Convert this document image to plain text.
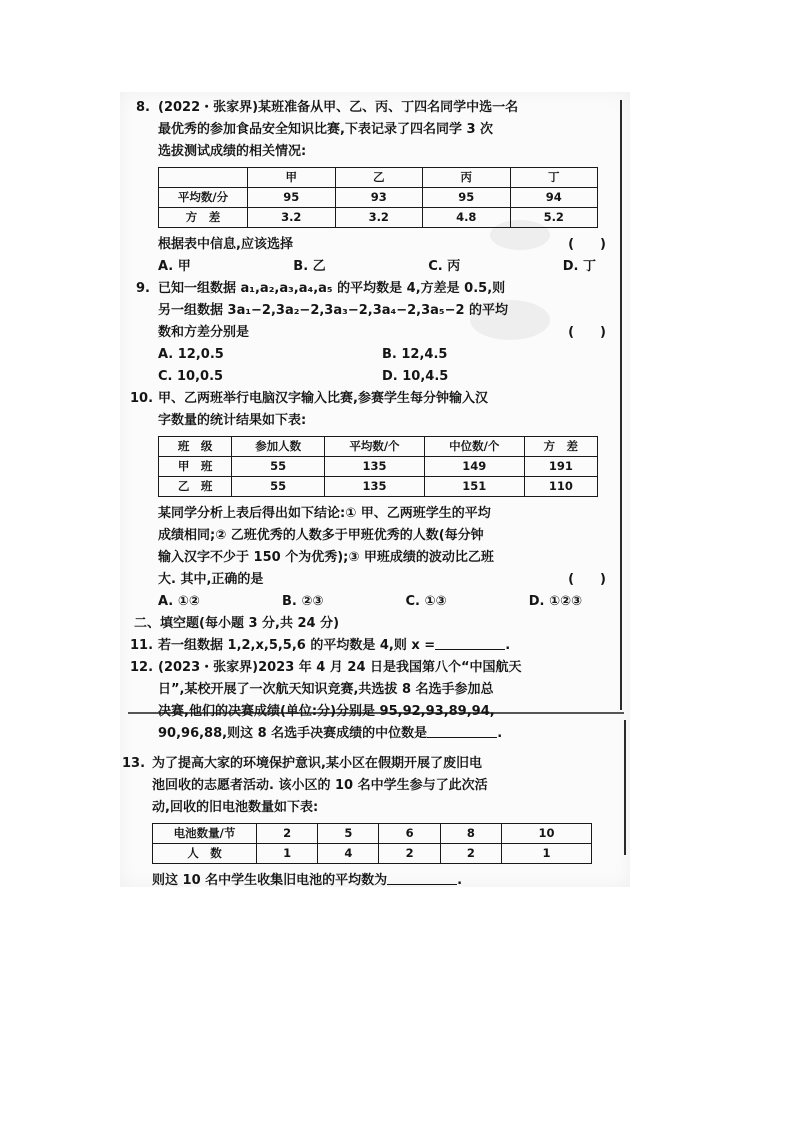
8. (2022・张家界)某班准备从甲、乙、丙、丁四名同学中选一名
最优秀的参加食品安全知识比赛,下表记录了四名同学 3 次
选拔测试成绩的相关情况:
	甲	乙	丙	丁
平均数/分	95	93	95	94
方　差	3.2	3.2	4.8	5.2
根据表中信息,应该选择	(　　)
A. 甲	B. 乙	C. 丙	D. 丁
9. 已知一组数据 a₁,a₂,a₃,a₄,a₅ 的平均数是 4,方差是 0.5,则
另一组数据 3a₁−2,3a₂−2,3a₃−2,3a₄−2,3a₅−2 的平均
数和方差分别是	(　　)
A. 12,0.5	B. 12,4.5
C. 10,0.5	D. 10,4.5
10. 甲、乙两班举行电脑汉字输入比赛,参赛学生每分钟输入汉
字数量的统计结果如下表:
班　级	参加人数	平均数/个	中位数/个	方　差
甲　班	55	135	149	191
乙　班	55	135	151	110
某同学分析上表后得出如下结论:① 甲、乙两班学生的平均
成绩相同;② 乙班优秀的人数多于甲班优秀的人数(每分钟
输入汉字不少于 150 个为优秀);③ 甲班成绩的波动比乙班
大. 其中,正确的是	(　　)
A. ①②	B. ②③	C. ①③	D. ①②③
二、填空题(每小题 3 分,共 24 分)
11. 若一组数据 1,2,x,5,5,6 的平均数是 4,则 x =	.
12. (2023・张家界)2023 年 4 月 24 日是我国第八个“中国航天
日”,某校开展了一次航天知识竞赛,共选拔 8 名选手参加总
决赛,他们的决赛成绩(单位:分)分别是 95,92,93,89,94,
90,96,88,则这 8 名选手决赛成绩的中位数是	.
13. 为了提高大家的环境保护意识,某小区在假期开展了废旧电
池回收的志愿者活动. 该小区的 10 名中学生参与了此次活
动,回收的旧电池数量如下表:
电池数量/节	2	5	6	8	10
人　数	1	4	2	2	1
则这 10 名中学生收集旧电池的平均数为	.
